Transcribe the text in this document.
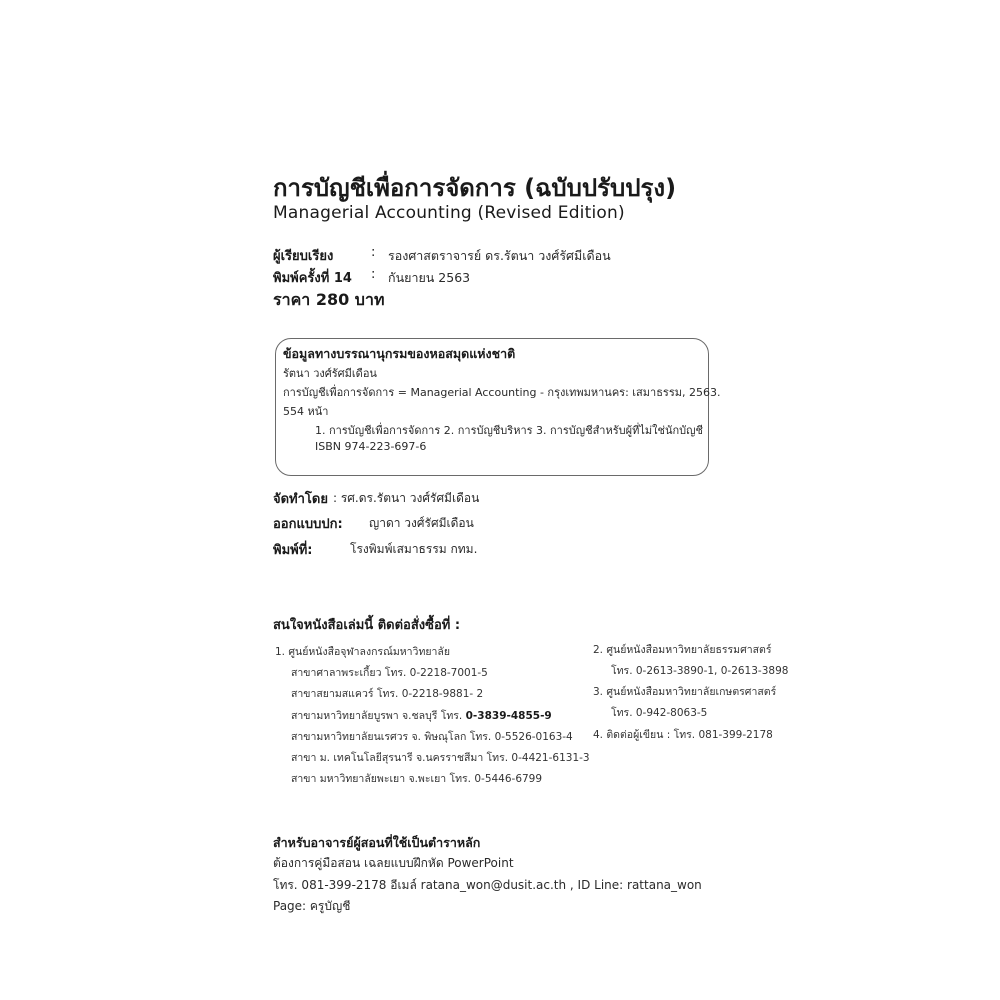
การบัญชีเพื่อการจัดการ (ฉบับปรับปรุง)
Managerial Accounting (Revised Edition)
ผู้เรียบเรียง	: รองศาสตราจารย์ ดร.รัตนา วงศ์รัศมีเดือน
พิมพ์ครั้งที่ 14 : กันยายน 2563
ราคา 280 บาท
ข้อมูลทางบรรณานุกรมของหอสมุดแห่งชาติ
รัตนา วงศ์รัศมีเดือน
การบัญชีเพื่อการจัดการ = Managerial Accounting - กรุงเทพมหานคร: เสมาธรรม, 2563.
554 หน้า
1. การบัญชีเพื่อการจัดการ 2. การบัญชีบริหาร 3. การบัญชีสำหรับผู้ที่ไม่ใช่นักบัญชี
ISBN 974-223-697-6
จัดทำโดย : รศ.ดร.รัตนา วงศ์รัศมีเดือน
ออกแบบปก: ญาดา วงศ์รัศมีเดือน
พิมพ์ที่:	โรงพิมพ์เสมาธรรม กทม.
สนใจหนังสือเล่มนี้ ติดต่อสั่งซื้อที่ :
1. ศูนย์หนังสือจุฬาลงกรณ์มหาวิทยาลัย
สาขาศาลาพระเกี้ยว โทร. 0-2218-7001-5
สาขาสยามสแควร์ โทร. 0-2218-9881- 2
สาขามหาวิทยาลัยบูรพา จ.ชลบุรี โทร. 0-3839-4855-9
สาขามหาวิทยาลัยนเรศวร จ. พิษณุโลก โทร. 0-5526-0163-4
สาขา ม. เทคโนโลยีสุรนารี จ.นครราชสีมา โทร. 0-4421-6131-3
สาขา มหาวิทยาลัยพะเยา จ.พะเยา โทร. 0-5446-6799
2. ศูนย์หนังสือมหาวิทยาลัยธรรมศาสตร์
โทร. 0-2613-3890-1, 0-2613-3898
3. ศูนย์หนังสือมหาวิทยาลัยเกษตรศาสตร์
โทร. 0-942-8063-5
4. ติดต่อผู้เขียน : โทร. 081-399-2178
สำหรับอาจารย์ผู้สอนที่ใช้เป็นตำราหลัก
ต้องการคู่มือสอน เฉลยแบบฝึกหัด PowerPoint
โทร. 081-399-2178 อีเมล์ ratana_won@dusit.ac.th , ID Line: rattana_won
Page: ครูบัญชี
